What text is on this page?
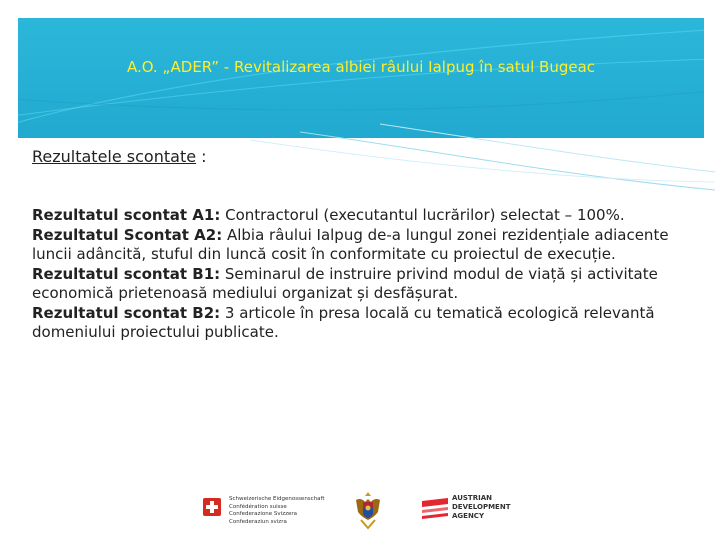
A.O. „ADER” - Revitalizarea albiei râului Ialpug în satul Bugeac
Rezultatele scontate :

Rezultatul scontat A1: Contractorul (executantul lucrărilor) selectat – 100%.

Rezultatul Scontat A2: Albia râului Ialpug de-a lungul zonei rezidențiale adiacente luncii adâncită, stuful din luncă cosit în conformitate cu proiectul de execuție.

Rezultatul scontat B1: Seminarul de instruire privind modul de viață și activitate economică prietenoasă mediului organizat și desfășurat.

Rezultatul scontat B2: 3 articole în presa locală cu tematică ecologică relevantă domeniului proiectului publicate.

Schweizerische Eidgenossenschaft
Confédération suisse
Confederazione Svizzera
Confederaziun svizra
AUSTRIAN
DEVELOPMENT
AGENCY
